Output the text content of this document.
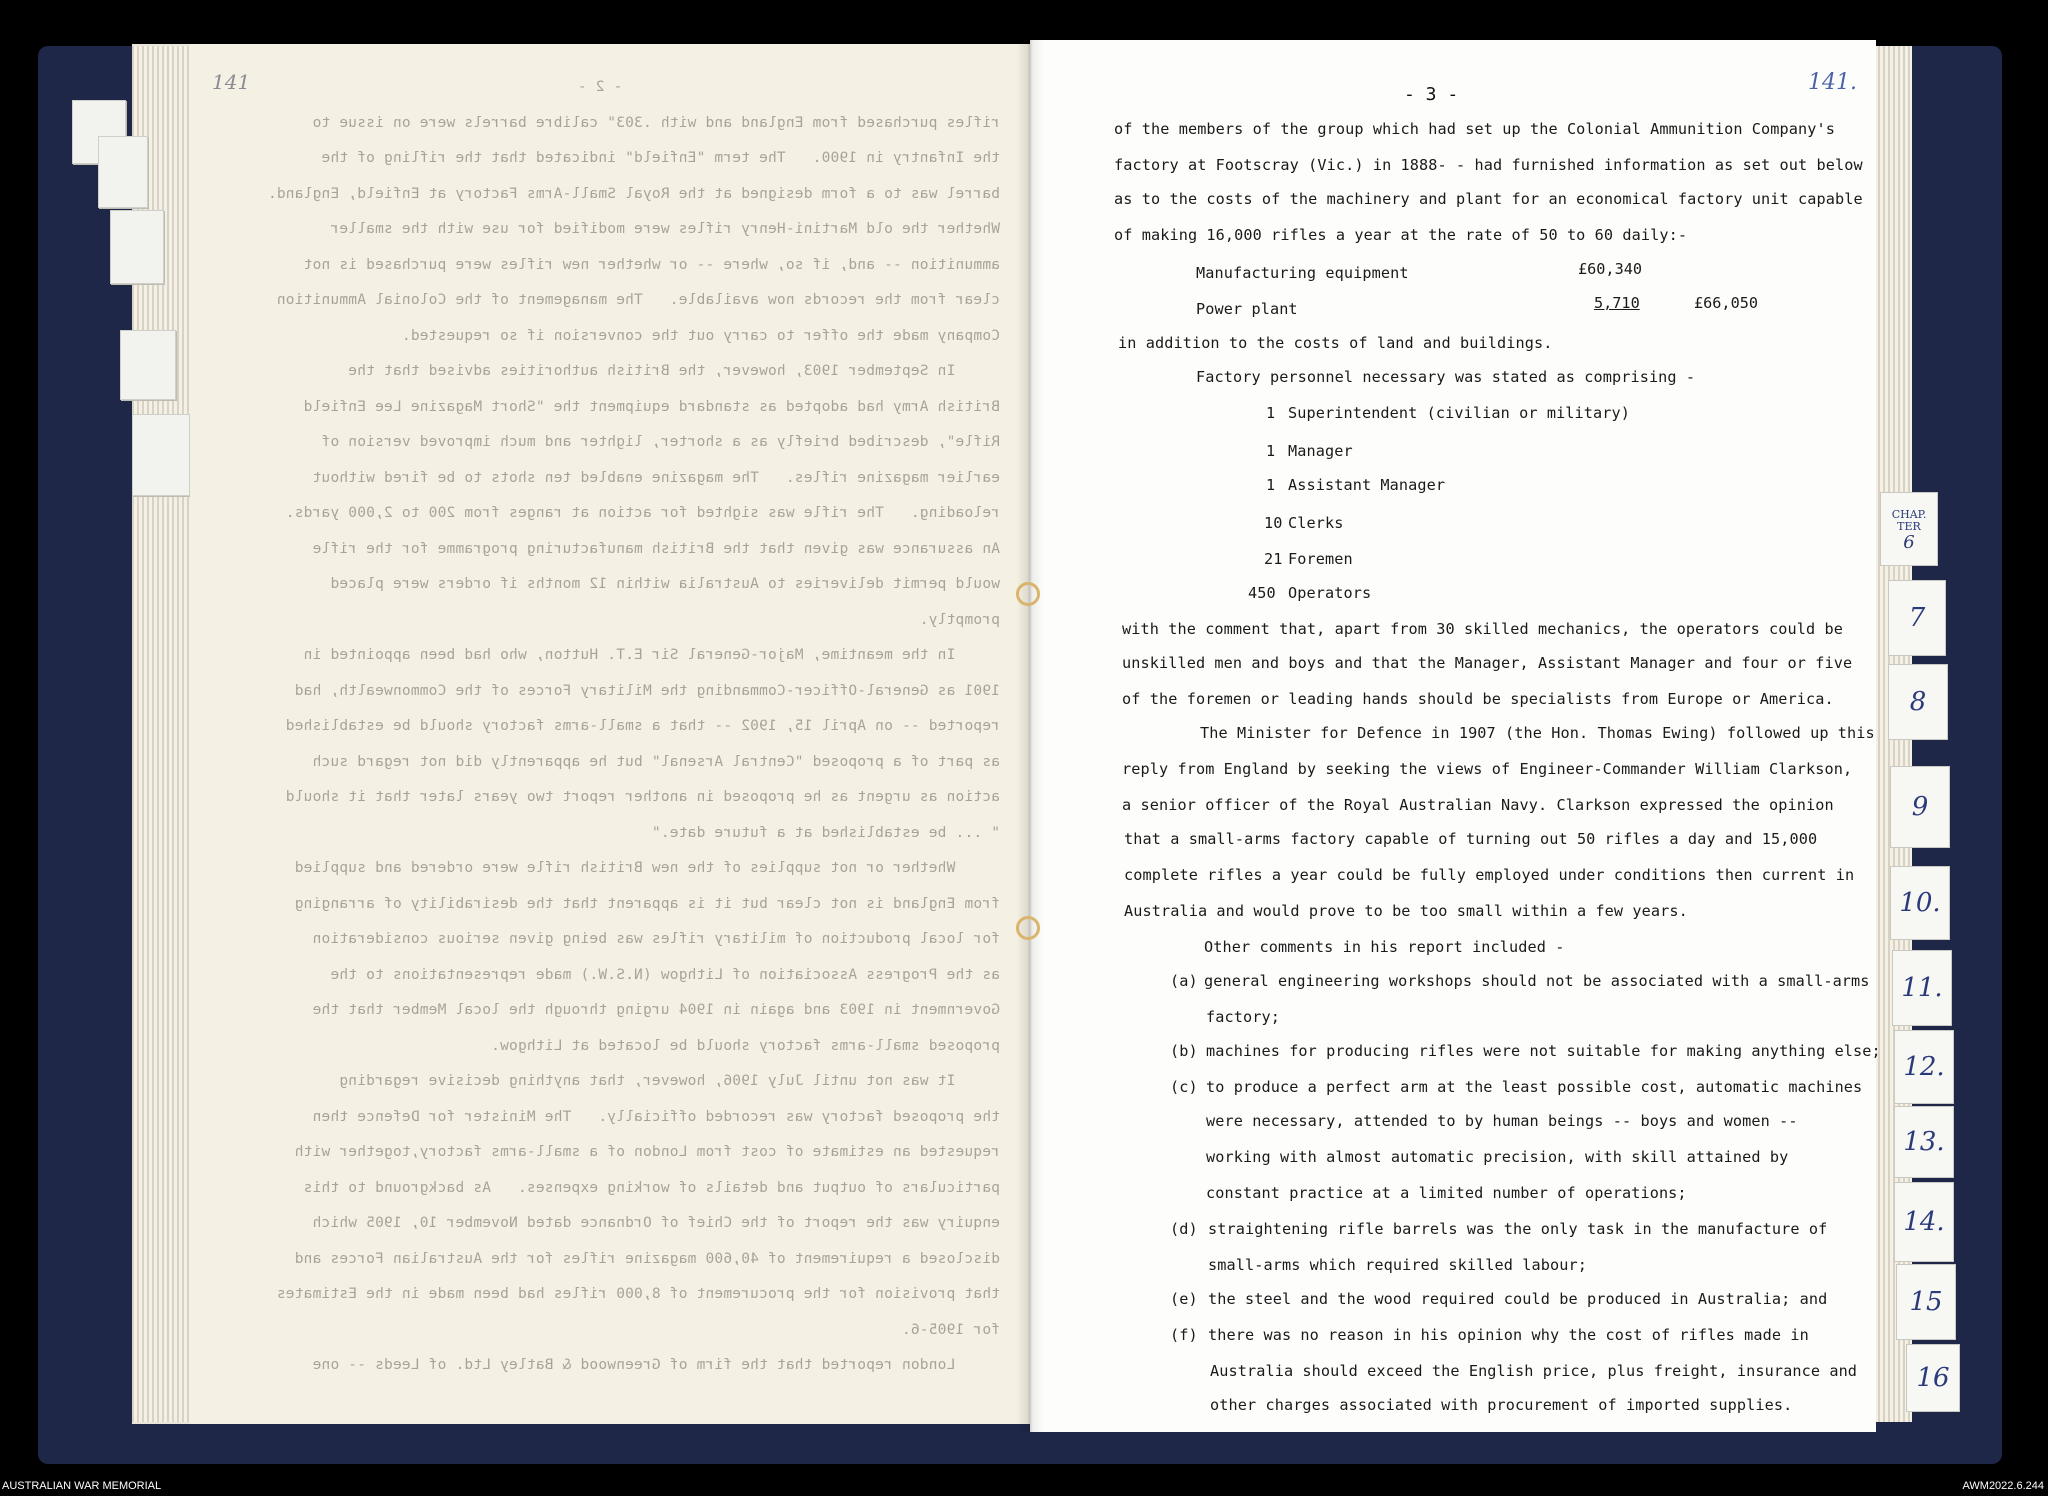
141	- 2 -
rifles purchased from England and with .303" calibre barrels were on issue to
the Infantry in 1900.   The term "Enfield" indicated that the rifling of the
barrel was to a form designed at the Royal Small-Arms Factory at Enfield, England.
Whether the old Martini-Henry rifles were modified for use with the smaller
ammunition -- and, if so, where -- or whether new rifles were purchased is not
clear from the records now available.   The management of the Colonial Ammunition
Company made the offer to carry out the conversion if so requested.
In September 1903, however, the British authorities advised that the
British Army had adopted as standard equipment the "Short Magazine Lee Enfield
Rifle", described briefly as a shorter, lighter and much improved version of
earlier magazine rifles.   The magazine enabled ten shots to be fired without
reloading.   The rifle was sighted for action at ranges from 200 to 2,000 yards.
An assurance was given that the British manufacturing programme for the rifle
would permit deliveries to Australia within 12 months if orders were placed
promptly.
In the meantime, Major-General Sir E.T. Hutton, who had been appointed in
1901 as General-Officer-Commanding the Military Forces of the Commonwealth, had
reported -- on April 15, 1902 -- that a small-arms factory should be established
as part of a proposed "Central Arsenal" but he apparently did not regard such
action as urgent as he proposed in another report two years later that it should
" ... be established at a future date."
Whether or not supplies of the new British rifle were ordered and supplied
from England is not clear but it is apparent that the desirability of arranging
for local production of military rifles was being given serious consideration
as the Progress Association of Lithgow (N.S.W.) made representations to the
Government in 1903 and again in 1904 urging through the local Member that the
proposed small-arms factory should be located at Lithgow.
It was not until July 1906, however, that anything decisive regarding
the proposed factory was recorded officially.   The Minister for Defence then
requested an estimate of cost from London of a small-arms factory,together with
particulars of output and details of working expenses.   As background to this
enquiry was the report of the Chief of Ordnance dated November 10, 1905 which
disclosed a requirement of 40,600 magazine rifles for the Australian Forces and
that provision for the procurement of 8,000 rifles had been made in the Estimates
for 1905-6.
London reported that the firm of Greenwood & Batley Ltd. of Leeds -- one
- 3 -	141.
of the members of the group which had set up the Colonial Ammunition Company's
factory at Footscray (Vic.) in 1888- - had furnished information as set out below
as to the costs of the machinery and plant for an economical factory unit capable
of making 16,000 rifles a year at the rate of 50 to 60 daily:-
Manufacturing equipment	£60,340
Power plant	5,710	£66,050
in addition to the costs of land and buildings.
Factory personnel necessary was stated as comprising -
1 Superintendent (civilian or military)
1 Manager
1 Assistant Manager
10 Clerks
21 Foremen
450 Operators
with the comment that, apart from 30 skilled mechanics, the operators could be
unskilled men and boys and that the Manager, Assistant Manager and four or five
of the foremen or leading hands should be specialists from Europe or America.
The Minister for Defence in 1907 (the Hon. Thomas Ewing) followed up this
reply from England by seeking the views of Engineer-Commander William Clarkson,
a senior officer of the Royal Australian Navy. Clarkson expressed the opinion
that a small-arms factory capable of turning out 50 rifles a day and 15,000
complete rifles a year could be fully employed under conditions then current in
Australia and would prove to be too small within a few years.
Other comments in his report included -
(a) general engineering workshops should not be associated with a small-arms
factory;
(b) machines for producing rifles were not suitable for making anything else;
(c) to produce a perfect arm at the least possible cost, automatic machines
were necessary, attended to by human beings -- boys and women --
working with almost automatic precision, with skill attained by
constant practice at a limited number of operations;
(d) straightening rifle barrels was the only task in the manufacture of
small-arms which required skilled labour;
(e) the steel and the wood required could be produced in Australia; and
(f) there was no reason in his opinion why the cost of rifles made in
Australia should exceed the English price, plus freight, insurance and
other charges associated with procurement of imported supplies.
CHAP.
TER
6
7
8
9
10.
11.
12.
13.
14.
15
16
AUSTRALIAN WAR MEMORIAL	AWM2022.6.244
